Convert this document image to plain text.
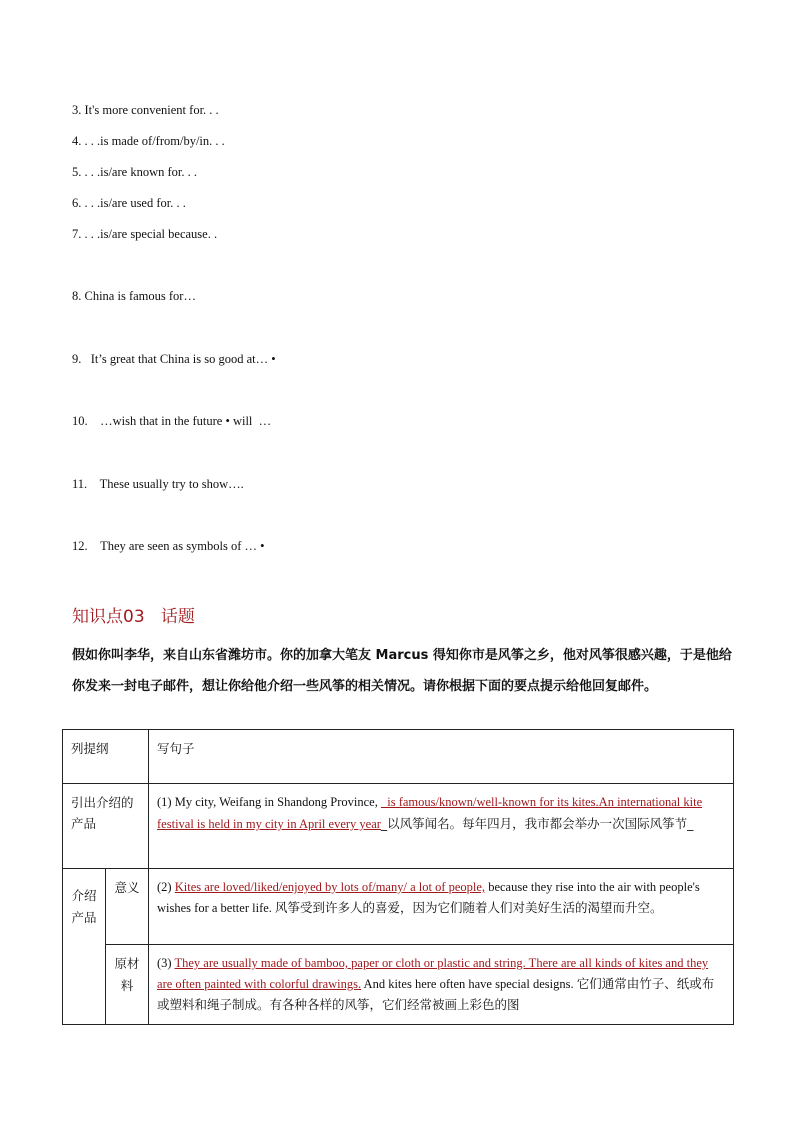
3. It's more convenient for. . .
4. . . .is made of/from/by/in. . .
5. . . .is/are known for. . .
6. . . .is/are used for. . .
7. . . .is/are special because. .
8. China is famous for…
9.   It’s great that China is so good at… •
10.    …wish that in the future • will  …
11.    These usually try to show….
12.    They are seen as symbols of … •
知识点03   话题
假如你叫李华，来自山东省潍坊市。你的加拿大笔友 Marcus 得知你市是风筝之乡，他对风筝很感兴趣，于是他给你发来一封电子邮件，想让你给他介绍一些风筝的相关情况。请你根据下面的要点提示给他回复邮件。
列提纲		写句子
引出介绍的产品		(1) My city, Weifang in Shandong Province, _is famous/known/well-known for its kites.An international kite festival is held in my city in April every year_以风筝闻名。每年四月，我市都会举办一次国际风筝节_
介绍产品	意义	(2) Kites are loved/liked/enjoyed by lots of/many/ a lot of people, because they rise into the air with people's wishes for a better life. 风筝受到许多人的喜爱，因为它们随着人们对美好生活的渴望而升空。
	原材料	(3) They are usually made of bamboo, paper or cloth or plastic and string. There are all kinds of kites and they are often painted with colorful drawings. And kites here often have special designs. 它们通常由竹子、纸或布或塑料和绳子制成。有各种各样的风筝，它们经常被画上彩色的图
